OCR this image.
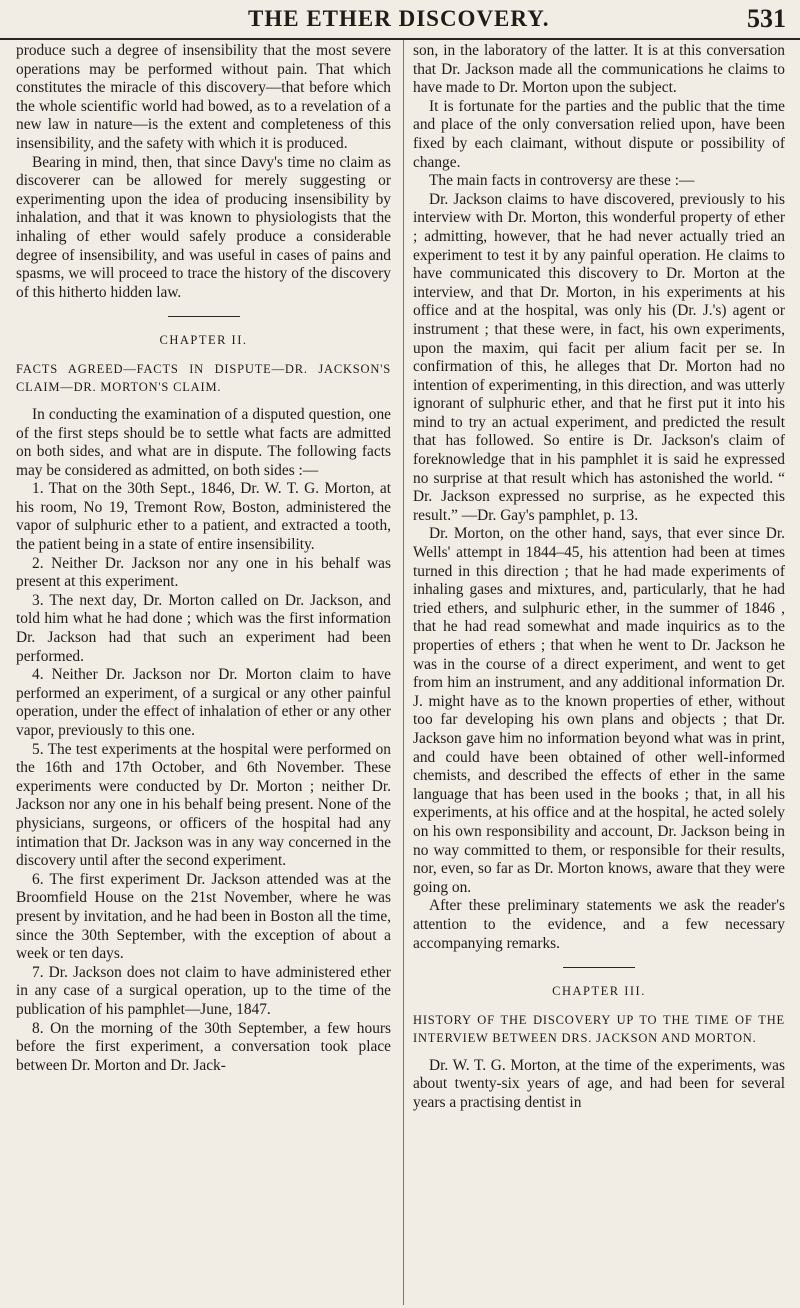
THE ETHER DISCOVERY.	531

produce such a degree of insensibility that the most severe operations may be performed without pain. That which constitutes the miracle of this discovery—that before which the whole scientific world had bowed, as to a revelation of a new law in nature—is the extent and completeness of this insensibility, and the safety with which it is produced.

Bearing in mind, then, that since Davy's time no claim as discoverer can be allowed for merely suggesting or experimenting upon the idea of producing insensibility by inhalation, and that it was known to physiologists that the inhaling of ether would safely produce a considerable degree of insensibility, and was useful in cases of pains and spasms, we will proceed to trace the history of the discovery of this hitherto hidden law.

CHAPTER II.

FACTS AGREED—FACTS IN DISPUTE—DR. JACKSON'S CLAIM—DR. MORTON'S CLAIM.

In conducting the examination of a disputed question, one of the first steps should be to settle what facts are admitted on both sides, and what are in dispute. The following facts may be considered as admitted, on both sides :—

1. That on the 30th Sept., 1846, Dr. W. T. G. Morton, at his room, No 19, Tremont Row, Boston, administered the vapor of sulphuric ether to a patient, and extracted a tooth, the patient being in a state of entire insensibility.

2. Neither Dr. Jackson nor any one in his behalf was present at this experiment.

3. The next day, Dr. Morton called on Dr. Jackson, and told him what he had done ; which was the first information Dr. Jackson had that such an experiment had been performed.

4. Neither Dr. Jackson nor Dr. Morton claim to have performed an experiment, of a surgical or any other painful operation, under the effect of inhalation of ether or any other vapor, previously to this one.

5. The test experiments at the hospital were performed on the 16th and 17th October, and 6th November. These experiments were conducted by Dr. Morton ; neither Dr. Jackson nor any one in his behalf being present. None of the physicians, surgeons, or officers of the hospital had any intimation that Dr. Jackson was in any way concerned in the discovery until after the second experiment.

6. The first experiment Dr. Jackson attended was at the Broomfield House on the 21st November, where he was present by invitation, and he had been in Boston all the time, since the 30th September, with the exception of about a week or ten days.

7. Dr. Jackson does not claim to have administered ether in any case of a surgical operation, up to the time of the publication of his pamphlet—June, 1847.

8. On the morning of the 30th September, a few hours before the first experiment, a conversation took place between Dr. Morton and Dr. Jack-

son, in the laboratory of the latter. It is at this conversation that Dr. Jackson made all the communications he claims to have made to Dr. Morton upon the subject.

It is fortunate for the parties and the public that the time and place of the only conversation relied upon, have been fixed by each claimant, without dispute or possibility of change.

The main facts in controversy are these :—

Dr. Jackson claims to have discovered, previously to his interview with Dr. Morton, this wonderful property of ether ; admitting, however, that he had never actually tried an experiment to test it by any painful operation. He claims to have communicated this discovery to Dr. Morton at the interview, and that Dr. Morton, in his experiments at his office and at the hospital, was only his (Dr. J.'s) agent or instrument ; that these were, in fact, his own experiments, upon the maxim, qui facit per alium facit per se. In confirmation of this, he alleges that Dr. Morton had no intention of experimenting, in this direction, and was utterly ignorant of sulphuric ether, and that he first put it into his mind to try an actual experiment, and predicted the result that has followed. So entire is Dr. Jackson's claim of foreknowledge that in his pamphlet it is said he expressed no surprise at that result which has astonished the world. “ Dr. Jackson expressed no surprise, as he expected this result.” —Dr. Gay's pamphlet, p. 13.

Dr. Morton, on the other hand, says, that ever since Dr. Wells' attempt in 1844–45, his attention had been at times turned in this direction ; that he had made experiments of inhaling gases and mixtures, and, particularly, that he had tried ethers, and sulphuric ether, in the summer of 1846 , that he had read somewhat and made inquirics as to the properties of ethers ; that when he went to Dr. Jackson he was in the course of a direct experiment, and went to get from him an instrument, and any additional information Dr. J. might have as to the known properties of ether, without too far developing his own plans and objects ; that Dr. Jackson gave him no information beyond what was in print, and could have been obtained of other well-informed chemists, and described the effects of ether in the same language that has been used in the books ; that, in all his experiments, at his office and at the hospital, he acted solely on his own responsibility and account, Dr. Jackson being in no way committed to them, or responsible for their results, nor, even, so far as Dr. Morton knows, aware that they were going on.

After these preliminary statements we ask the reader's attention to the evidence, and a few necessary accompanying remarks.

CHAPTER III.

HISTORY OF THE DISCOVERY UP TO THE TIME OF THE INTERVIEW BETWEEN DRS. JACKSON AND MORTON.

Dr. W. T. G. Morton, at the time of the experiments, was about twenty-six years of age, and had been for several years a practising dentist in
